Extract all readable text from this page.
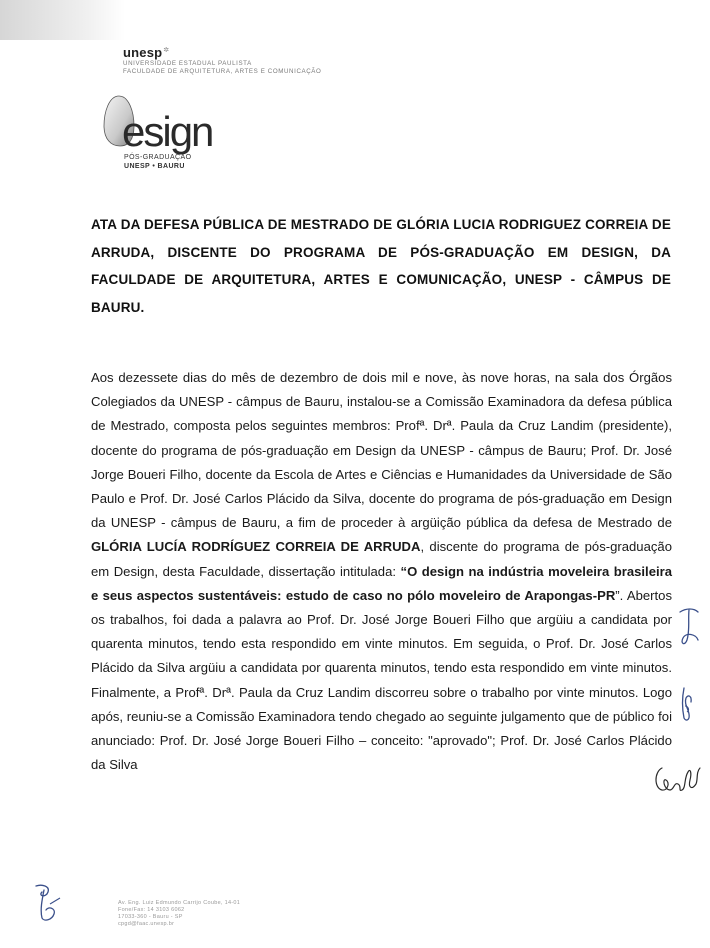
unesp✲
UNIVERSIDADE ESTADUAL PAULISTA
FACULDADE DE ARQUITETURA, ARTES E COMUNICAÇÃO
esign
PÓS-GRADUAÇÃO
UNESP • BAURU
ATA DA DEFESA PÚBLICA DE MESTRADO DE GLÓRIA LUCIA RODRIGUEZ CORREIA DE ARRUDA, DISCENTE DO PROGRAMA DE PÓS-GRADUAÇÃO EM DESIGN, DA FACULDADE DE ARQUITETURA, ARTES E COMUNICAÇÃO, UNESP - CÂMPUS DE BAURU.
Aos dezessete dias do mês de dezembro de dois mil e nove, às nove horas, na sala dos Órgãos Colegiados da UNESP - câmpus de Bauru, instalou-se a Comissão Examinadora da defesa pública de Mestrado, composta pelos seguintes membros: Profª. Drª. Paula da Cruz Landim (presidente), docente do programa de pós-graduação em Design da UNESP - câmpus de Bauru; Prof. Dr. José Jorge Boueri Filho, docente da Escola de Artes e Ciências e Humanidades da Universidade de São Paulo e Prof. Dr. José Carlos Plácido da Silva, docente do programa de pós-graduação em Design da UNESP - câmpus de Bauru, a fim de proceder à argüição pública da defesa de Mestrado de GLÓRIA LUCÍA RODRÍGUEZ CORREIA DE ARRUDA, discente do programa de pós-graduação em Design, desta Faculdade, dissertação intitulada: “O design na indústria moveleira brasileira e seus aspectos sustentáveis: estudo de caso no pólo moveleiro de Arapongas-PR”. Abertos os trabalhos, foi dada a palavra ao Prof. Dr. José Jorge Boueri Filho que argüiu a candidata por quarenta minutos, tendo esta respondido em vinte minutos. Em seguida, o Prof. Dr. José Carlos Plácido da Silva argüiu a candidata por quarenta minutos, tendo esta respondido em vinte minutos. Finalmente, a Profª. Drª. Paula da Cruz Landim discorreu sobre o trabalho por vinte minutos. Logo após, reuniu-se a Comissão Examinadora tendo chegado ao seguinte julgamento que de público foi anunciado: Prof. Dr. José Jorge Boueri Filho – conceito: "aprovado"; Prof. Dr. José Carlos Plácido da Silva
Av. Eng. Luiz Edmundo Carrijo Coube, 14-01
Fone/Fax: 14 3103 6062
17033-360 - Bauru - SP
cpgd@faac.unesp.br
